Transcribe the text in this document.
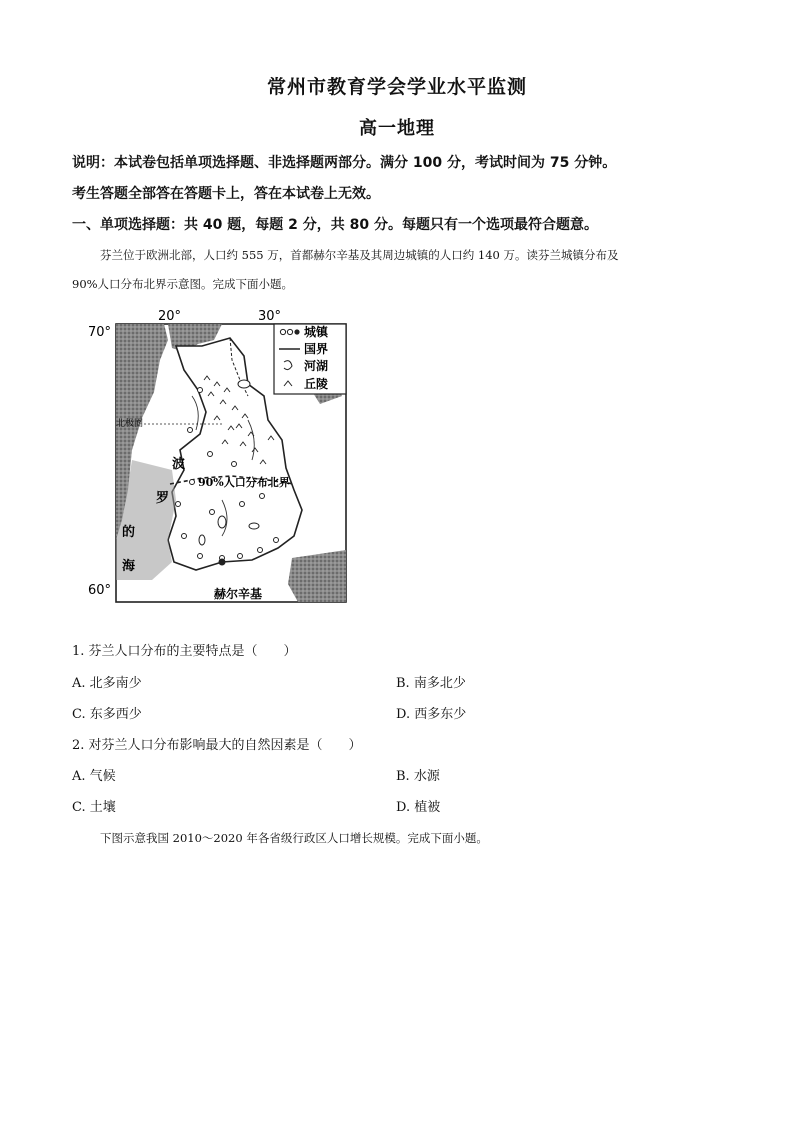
常州市教育学会学业水平监测
高一地理
说明：本试卷包括单项选择题、非选择题两部分。满分 100 分，考试时间为 75 分钟。
考生答题全部答在答题卡上，答在本试卷上无效。
一、单项选择题：共 40 题，每题 2 分，共 80 分。每题只有一个选项最符合题意。
芬兰位于欧洲北部，人口约 555 万，首都赫尔辛基及其周边城镇的人口约 140 万。读芬兰城镇分布及
90%人口分布北界示意图。完成下面小题。
20°	30°
70°
60°
北极圈
波
罗
的
海
90%人口分布北界
赫尔辛基
城镇
国界
河湖
丘陵
1. 芬兰人口分布的主要特点是（　　）
A. 北多南少	B. 南多北少
C. 东多西少	D. 西多东少
2. 对芬兰人口分布影响最大的自然因素是（　　）
A. 气候	B. 水源
C. 土壤	D. 植被
下图示意我国 2010～2020 年各省级行政区人口增长规模。完成下面小题。
